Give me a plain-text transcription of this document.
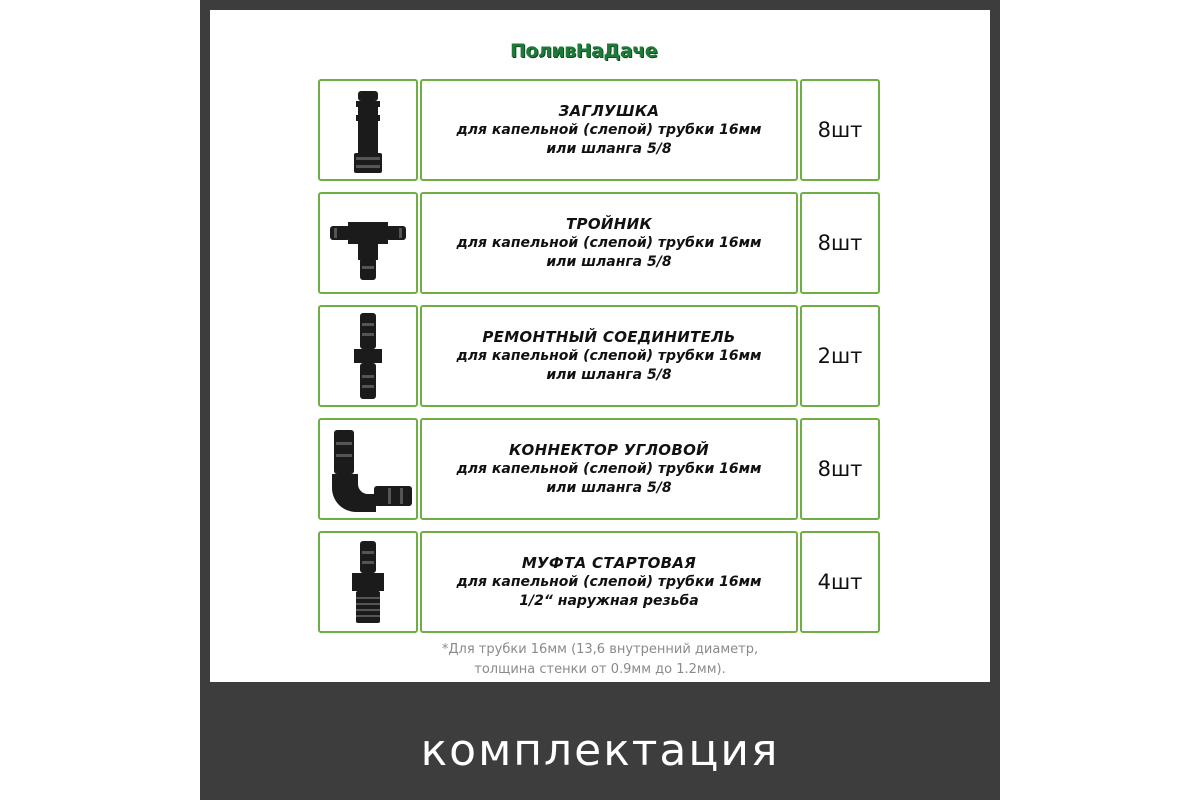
ПоливНаДаче
ЗАГЛУШКА
для капельной (слепой) трубки 16мм
или шланга 5/8
8шт
ТРОЙНИК
для капельной (слепой) трубки 16мм
или шланга 5/8
8шт
РЕМОНТНЫЙ СОЕДИНИТЕЛЬ
для капельной (слепой) трубки 16мм
или шланга 5/8
2шт
КОННЕКТОР УГЛОВОЙ
для капельной (слепой) трубки 16мм
или шланга 5/8
8шт
МУФТА СТАРТОВАЯ
для капельной (слепой) трубки 16мм
1/2“ наружная резьба
4шт
*Для трубки 16мм (13,6 внутренний диаметр,
толщина стенки от 0.9мм до 1.2мм).
комплектация
